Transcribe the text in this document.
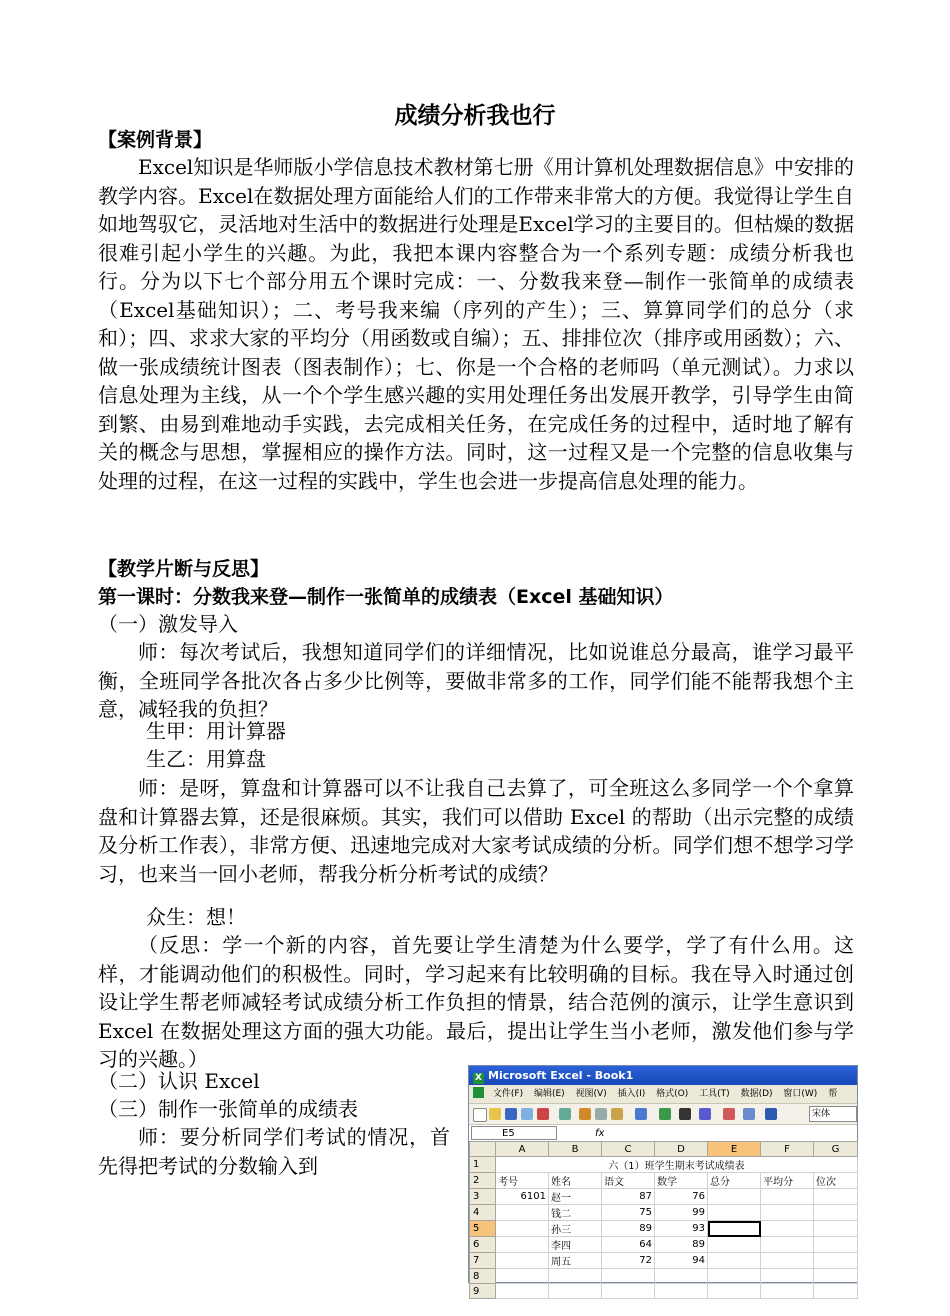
成绩分析我也行
【案例背景】

Excel知识是华师版小学信息技术教材第七册《用计算机处理数据信息》中安排的教学内容。Excel在数据处理方面能给人们的工作带来非常大的方便。我觉得让学生自如地驾驭它，灵活地对生活中的数据进行处理是Excel学习的主要目的。但枯燥的数据很难引起小学生的兴趣。为此，我把本课内容整合为一个系列专题：成绩分析我也行。分为以下七个部分用五个课时完成：一、分数我来登—制作一张简单的成绩表（Excel基础知识）；二、考号我来编（序列的产生）；三、算算同学们的总分（求和）；四、求求大家的平均分（用函数或自编）；五、排排位次（排序或用函数）；六、做一张成绩统计图表（图表制作）；七、你是一个合格的老师吗（单元测试）。力求以信息处理为主线，从一个个学生感兴趣的实用处理任务出发展开教学，引导学生由简到繁、由易到难地动手实践，去完成相关任务，在完成任务的过程中，适时地了解有关的概念与思想，掌握相应的操作方法。同时，这一过程又是一个完整的信息收集与处理的过程，在这一过程的实践中，学生也会进一步提高信息处理的能力。

【教学片断与反思】
第一课时：分数我来登—制作一张简单的成绩表（Excel 基础知识）
（一）激发导入

师：每次考试后，我想知道同学们的详细情况，比如说谁总分最高，谁学习最平衡，全班同学各批次各占多少比例等，要做非常多的工作，同学们能不能帮我想个主意，减轻我的负担？

生甲：用计算器
生乙：用算盘

师：是呀，算盘和计算器可以不让我自己去算了，可全班这么多同学一个个拿算盘和计算器去算，还是很麻烦。其实，我们可以借助 Excel 的帮助（出示完整的成绩及分析工作表），非常方便、迅速地完成对大家考试成绩的分析。同学们想不想学习学习，也来当一回小老师，帮我分析分析考试的成绩？

众生：想！

（反思：学一个新的内容，首先要让学生清楚为什么要学，学了有什么用。这样，才能调动他们的积极性。同时，学习起来有比较明确的目标。我在导入时通过创设让学生帮老师减轻考试成绩分析工作负担的情景，结合范例的演示，让学生意识到 Excel 在数据处理这方面的强大功能。最后，提出让学生当小老师，激发他们参与学习的兴趣。）

（二）认识 Excel
（三）制作一张简单的成绩表

师：要分析同学们考试的情况，首先得把考试的分数输入到

X Microsoft Excel - Book1
文件(F) 编辑(E) 视图(V) 插入(I) 格式(O) 工具(T) 数据(D) 窗口(W) 帮
宋体
E5	fx
	A	B	C	D	E	F	G
1	六（1）班学生期末考试成绩表						
2	考号	姓名	语文	数学	总分	平均分	位次
3	6101	赵一	87	76			
4		钱二	75	99			
5		孙三	89	93			
6		李四	64	89			
7		周五	72	94			
8							
9							
